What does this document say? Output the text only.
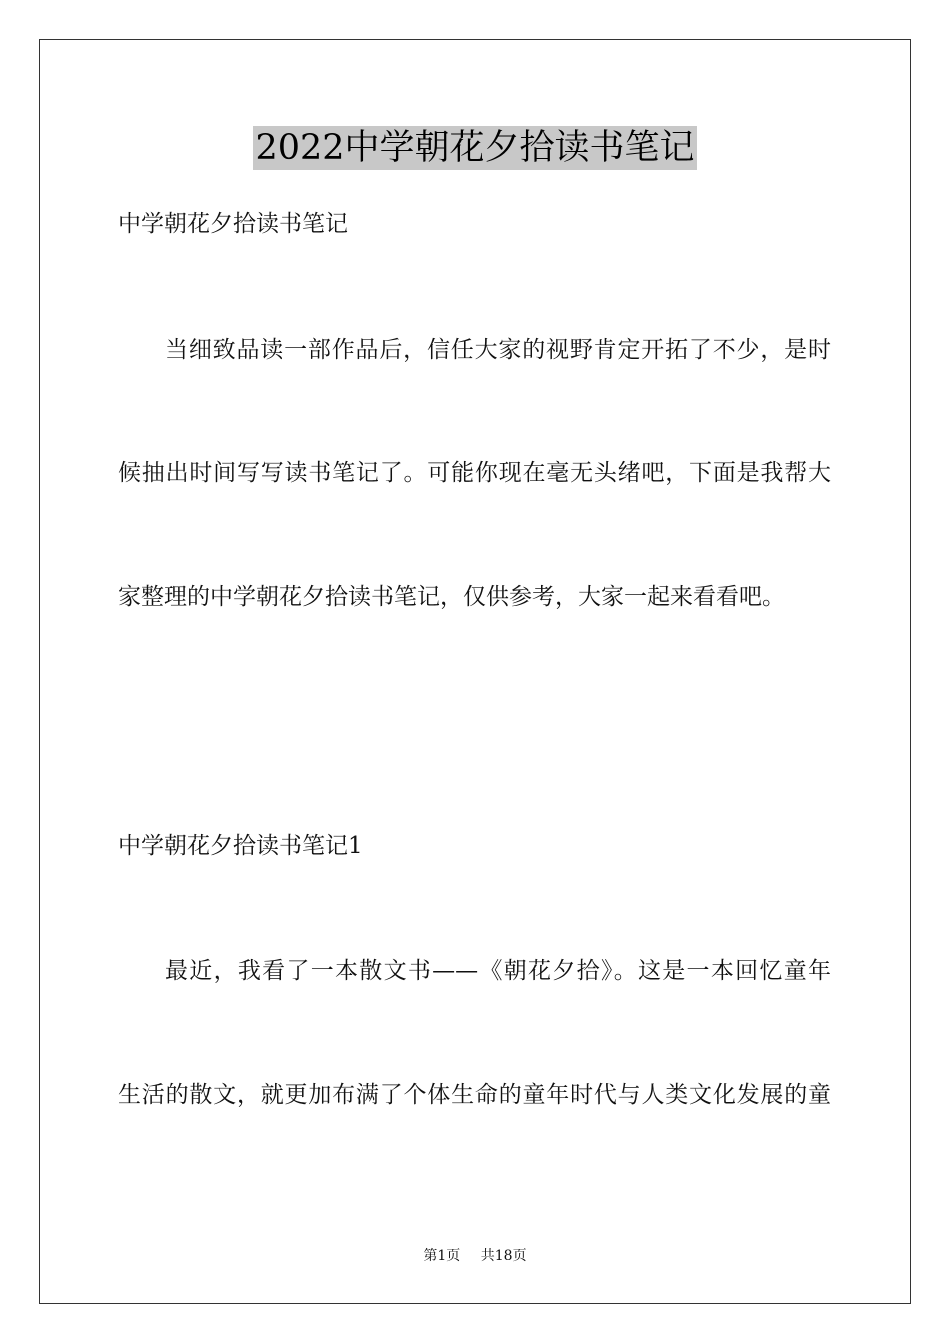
2022中学朝花夕拾读书笔记
中学朝花夕拾读书笔记
当细致品读一部作品后，信任大家的视野肯定开拓了不少，是时
候抽出时间写写读书笔记了。可能你现在毫无头绪吧，下面是我帮大
家整理的中学朝花夕拾读书笔记，仅供参考，大家一起来看看吧。
中学朝花夕拾读书笔记1
最近，我看了一本散文书——《朝花夕拾》。这是一本回忆童年
生活的散文，就更加布满了个体生命的童年时代与人类文化发展的童
第1页 共18页
